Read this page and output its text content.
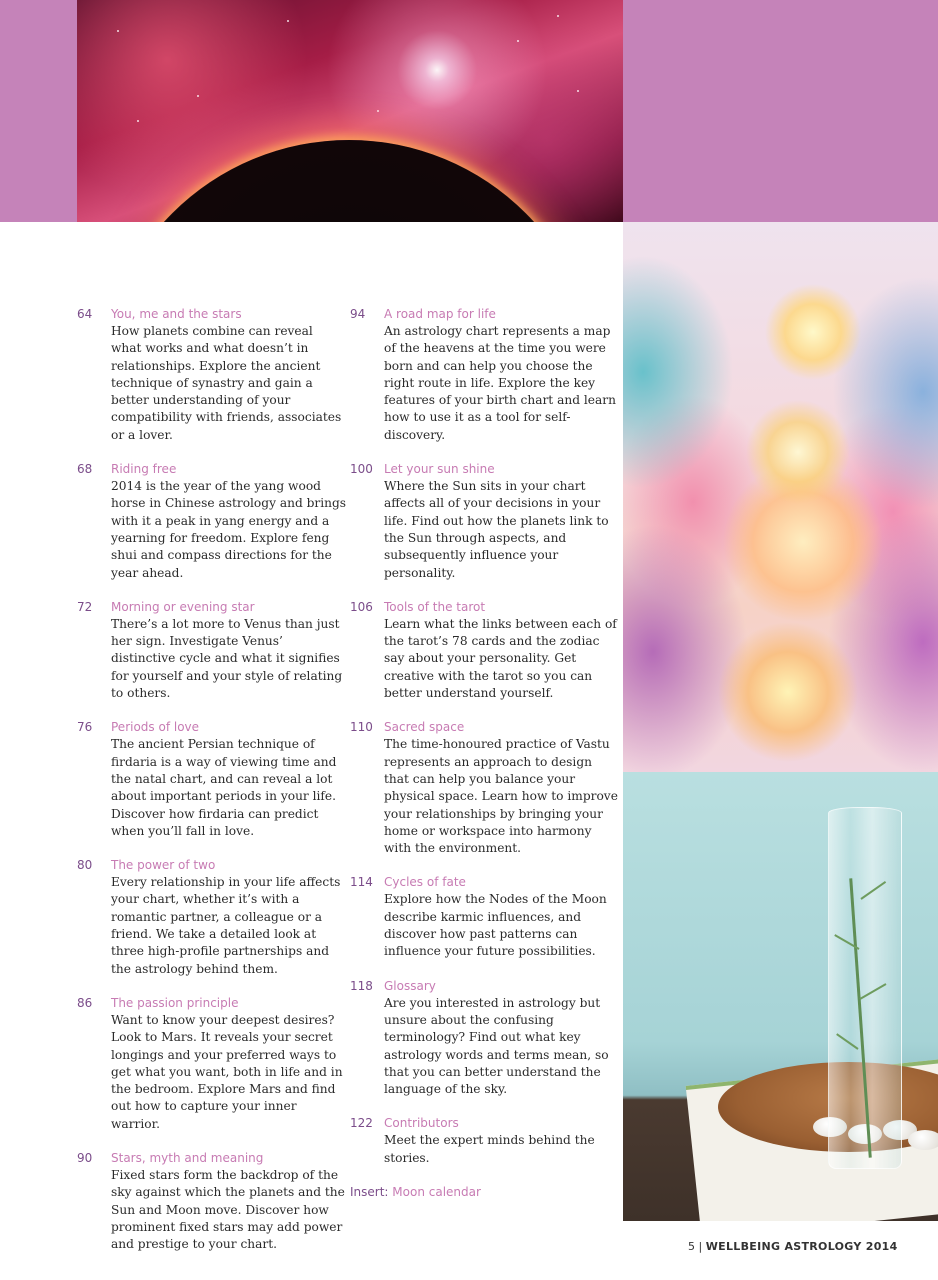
64 You, me and the stars
How planets combine can reveal what works and what doesn’t in relationships. Explore the ancient technique of synastry and gain a better understanding of your compatibility with friends, associates or a lover.
68 Riding free
2014 is the year of the yang wood horse in Chinese astrology and brings with it a peak in yang energy and a yearning for freedom. Explore feng shui and compass directions for the year ahead.
72 Morning or evening star
There’s a lot more to Venus than just her sign. Investigate Venus’ distinctive cycle and what it signifies for yourself and your style of relating to others.
76 Periods of love
The ancient Persian technique of firdaria is a way of viewing time and the natal chart, and can reveal a lot about important periods in your life. Discover how firdaria can predict when you’ll fall in love.
80 The power of two
Every relationship in your life affects your chart, whether it’s with a romantic partner, a colleague or a friend. We take a detailed look at three high-profile partnerships and the astrology behind them.
86 The passion principle
Want to know your deepest desires? Look to Mars. It reveals your secret longings and your preferred ways to get what you want, both in life and in the bedroom. Explore Mars and find out how to capture your inner warrior.
90 Stars, myth and meaning
Fixed stars form the backdrop of the sky against which the planets and the Sun and Moon move. Discover how prominent fixed stars may add power and prestige to your chart.
94 A road map for life
An astrology chart represents a map of the heavens at the time you were born and can help you choose the right route in life. Explore the key features of your birth chart and learn how to use it as a tool for self-discovery.
100 Let your sun shine
Where the Sun sits in your chart affects all of your decisions in your life. Find out how the planets link to the Sun through aspects, and subsequently influence your personality.
106 Tools of the tarot
Learn what the links between each of the tarot’s 78 cards and the zodiac say about your personality. Get creative with the tarot so you can better understand yourself.
110 Sacred space
The time-honoured practice of Vastu represents an approach to design that can help you balance your physical space. Learn how to improve your relationships by bringing your home or workspace into harmony with the environment.
114 Cycles of fate
Explore how the Nodes of the Moon describe karmic influences, and discover how past patterns can influence your future possibilities.
118 Glossary
Are you interested in astrology but unsure about the confusing terminology? Find out what key astrology words and terms mean, so that you can better understand the language of the sky.
122 Contributors
Meet the expert minds behind the stories.
Insert: Moon calendar
5 | WELLBEING ASTROLOGY 2014
